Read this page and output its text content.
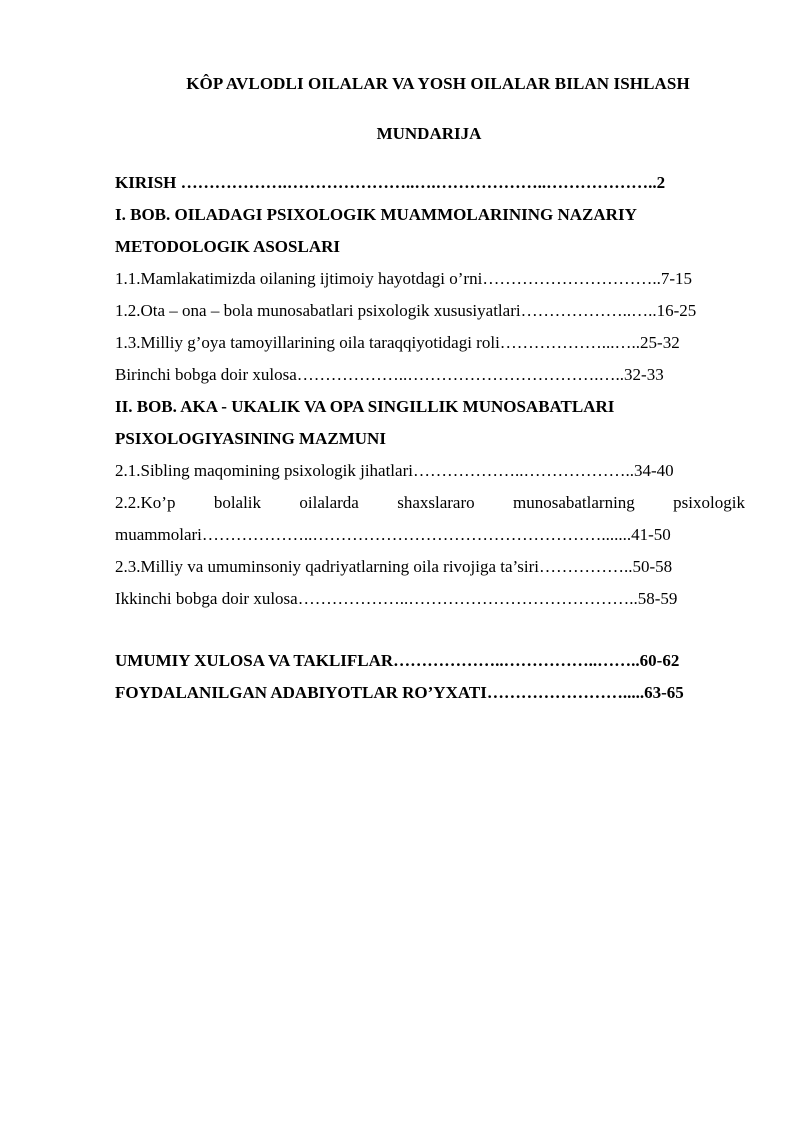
KÔP AVLODLI OILALAR VA YOSH OILALAR BILAN ISHLASH
MUNDARIJA
KIRISH ……………….…………………..….………………..………………..2
I. BOB. OILADAGI PSIXOLOGIK MUAMMOLARINING NAZARIY
METODOLOGIK ASOSLARI
1.1.Mamlakatimizda oilaning ijtimoiy hayotdagi o’rni…………………………..7-15
1.2.Ota – ona – bola munosabatlari psixologik xususiyatlari………………..…..16-25
1.3.Milliy g’oya tamoyillarining oila taraqqiyotidagi roli………………...…..25-32
Birinchi bobga doir xulosa………………..…………………………….…..32-33
II. BOB. AKA - UKALIK VA OPA SINGILLIK MUNOSABATLARI
PSIXOLOGIYASINING MAZMUNI
2.1.Sibling maqomining psixologik jihatlari………………..………………..34-40
2.2.Ko’p bolalik oilalarda shaxslararo munosabatlarning psixologik
muammolari………………..…………………………………………….......41-50
2.3.Milliy va umuminsoniy qadriyatlarning oila rivojiga ta’siri……………..50-58
Ikkinchi bobga doir xulosa………………..…………………………………..58-59
UMUMIY XULOSA VA TAKLIFLAR………………..……………..……..60-62
FOYDALANILGAN ADABIYOTLAR RO’YXATI…………………….....63-65
